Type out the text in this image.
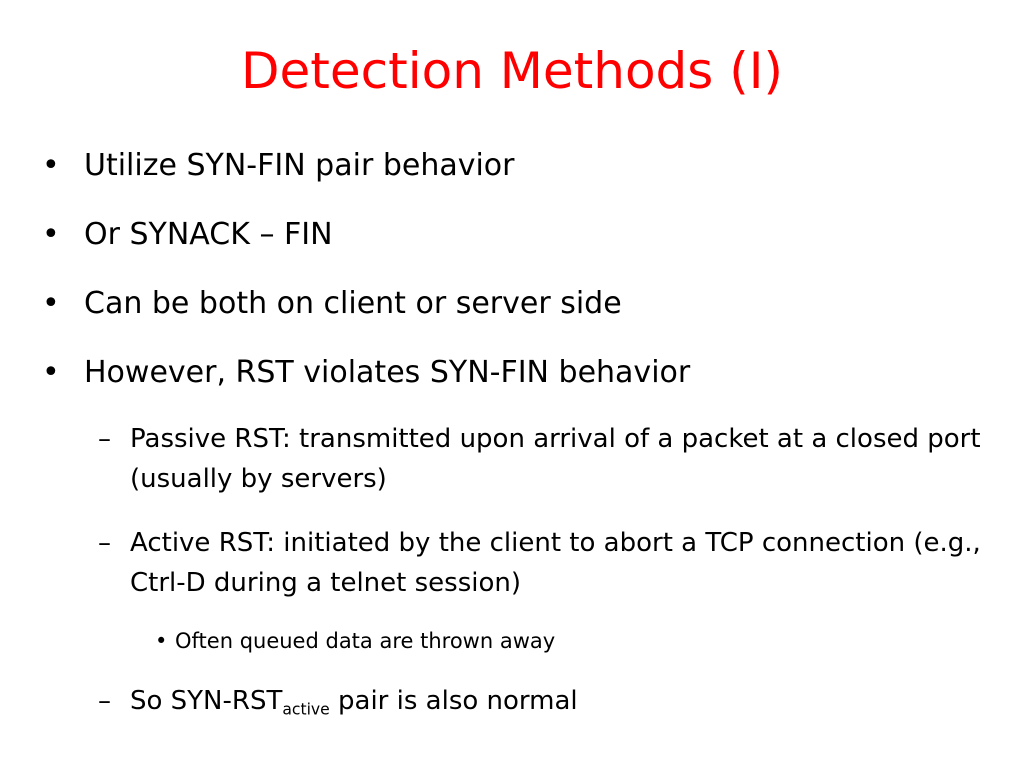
Detection Methods (I)
• Utilize SYN-FIN pair behavior
• Or SYNACK – FIN
• Can be both on client or server side
• However, RST violates SYN-FIN behavior
– Passive RST: transmitted upon arrival of a packet at a closed port (usually by servers)
– Active RST: initiated by the client to abort a TCP connection (e.g., Ctrl-D during a telnet session)
• Often queued data are thrown away
– So SYN-$RST_{active}$ pair is also normal
